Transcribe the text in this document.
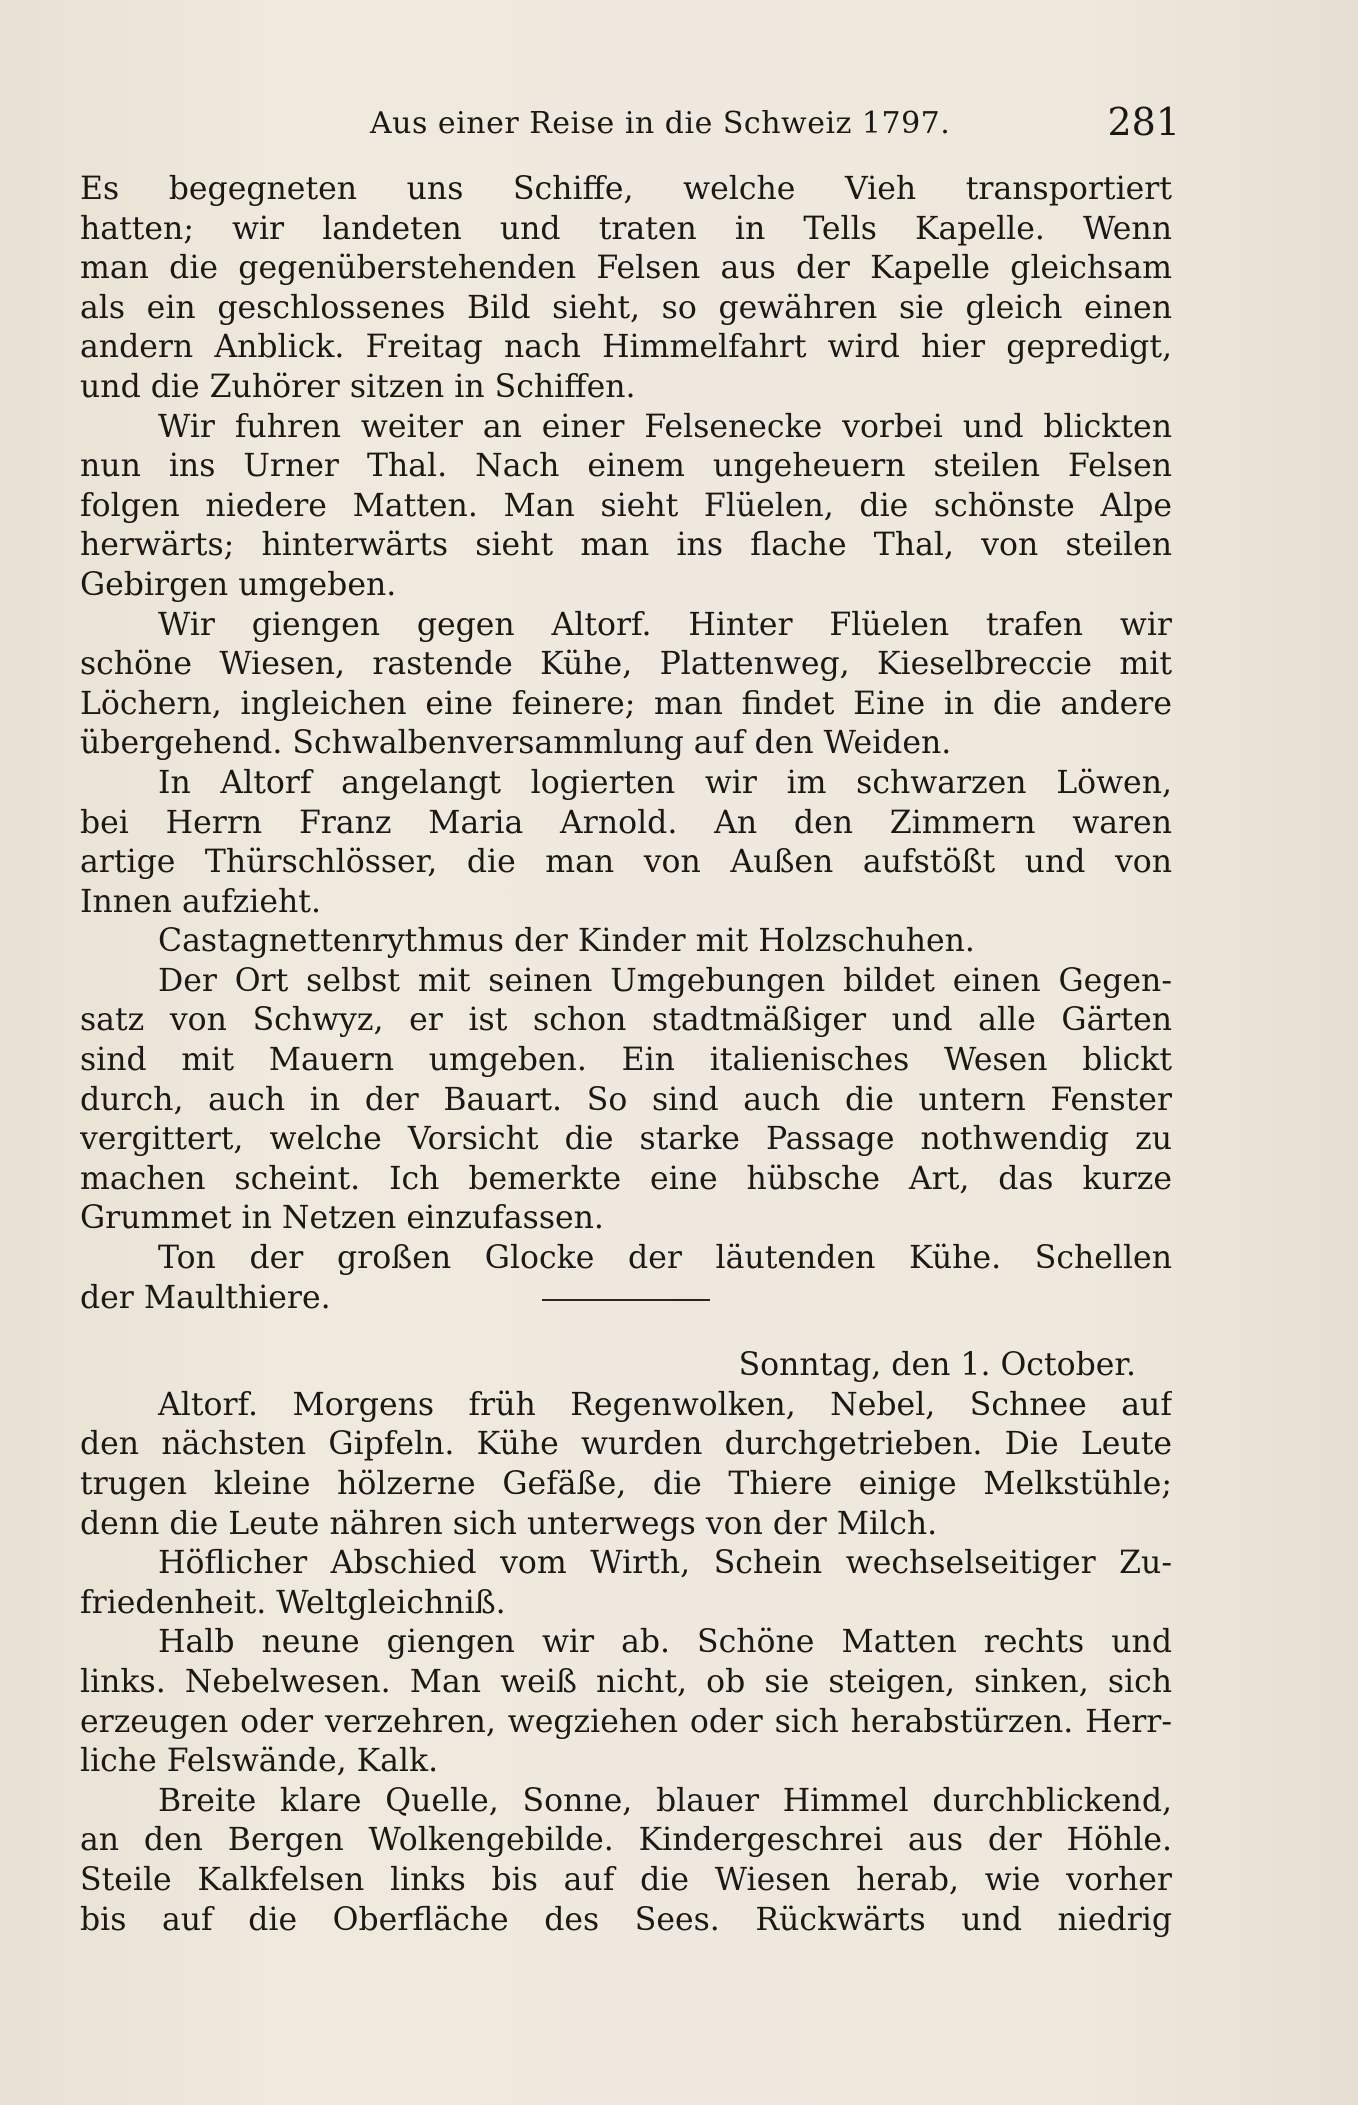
Aus einer Reise in die Schweiz 1797.	281
Es begegneten uns Schiffe, welche Vieh transportiert
hatten; wir landeten und traten in Tells Kapelle. Wenn
man die gegenüberstehenden Felsen aus der Kapelle gleichsam
als ein geschlossenes Bild sieht, so gewähren sie gleich einen
andern Anblick. Freitag nach Himmelfahrt wird hier gepredigt,
und die Zuhörer sitzen in Schiffen.
Wir fuhren weiter an einer Felsenecke vorbei und blickten
nun ins Urner Thal. Nach einem ungeheuern steilen Felsen
folgen niedere Matten. Man sieht Flüelen, die schönste Alpe
herwärts; hinterwärts sieht man ins flache Thal, von steilen
Gebirgen umgeben.
Wir giengen gegen Altorf. Hinter Flüelen trafen wir
schöne Wiesen, rastende Kühe, Plattenweg, Kieselbreccie mit
Löchern, ingleichen eine feinere; man findet Eine in die andere
übergehend. Schwalbenversammlung auf den Weiden.
In Altorf angelangt logierten wir im schwarzen Löwen,
bei Herrn Franz Maria Arnold. An den Zimmern waren
artige Thürschlösser, die man von Außen aufstößt und von
Innen aufzieht.
Castagnettenrythmus der Kinder mit Holzschuhen.
Der Ort selbst mit seinen Umgebungen bildet einen Gegen-
satz von Schwyz, er ist schon stadtmäßiger und alle Gärten
sind mit Mauern umgeben. Ein italienisches Wesen blickt
durch, auch in der Bauart. So sind auch die untern Fenster
vergittert, welche Vorsicht die starke Passage nothwendig zu
machen scheint. Ich bemerkte eine hübsche Art, das kurze
Grummet in Netzen einzufassen.
Ton der großen Glocke der läutenden Kühe. Schellen
der Maulthiere.
Sonntag, den 1. October.
Altorf. Morgens früh Regenwolken, Nebel, Schnee auf
den nächsten Gipfeln. Kühe wurden durchgetrieben. Die Leute
trugen kleine hölzerne Gefäße, die Thiere einige Melkstühle;
denn die Leute nähren sich unterwegs von der Milch.
Höflicher Abschied vom Wirth, Schein wechselseitiger Zu-
friedenheit. Weltgleichniß.
Halb neune giengen wir ab. Schöne Matten rechts und
links. Nebelwesen. Man weiß nicht, ob sie steigen, sinken, sich
erzeugen oder verzehren, wegziehen oder sich herabstürzen. Herr-
liche Felswände, Kalk.
Breite klare Quelle, Sonne, blauer Himmel durchblickend,
an den Bergen Wolkengebilde. Kindergeschrei aus der Höhle.
Steile Kalkfelsen links bis auf die Wiesen herab, wie vorher
bis auf die Oberfläche des Sees. Rückwärts und niedrig
